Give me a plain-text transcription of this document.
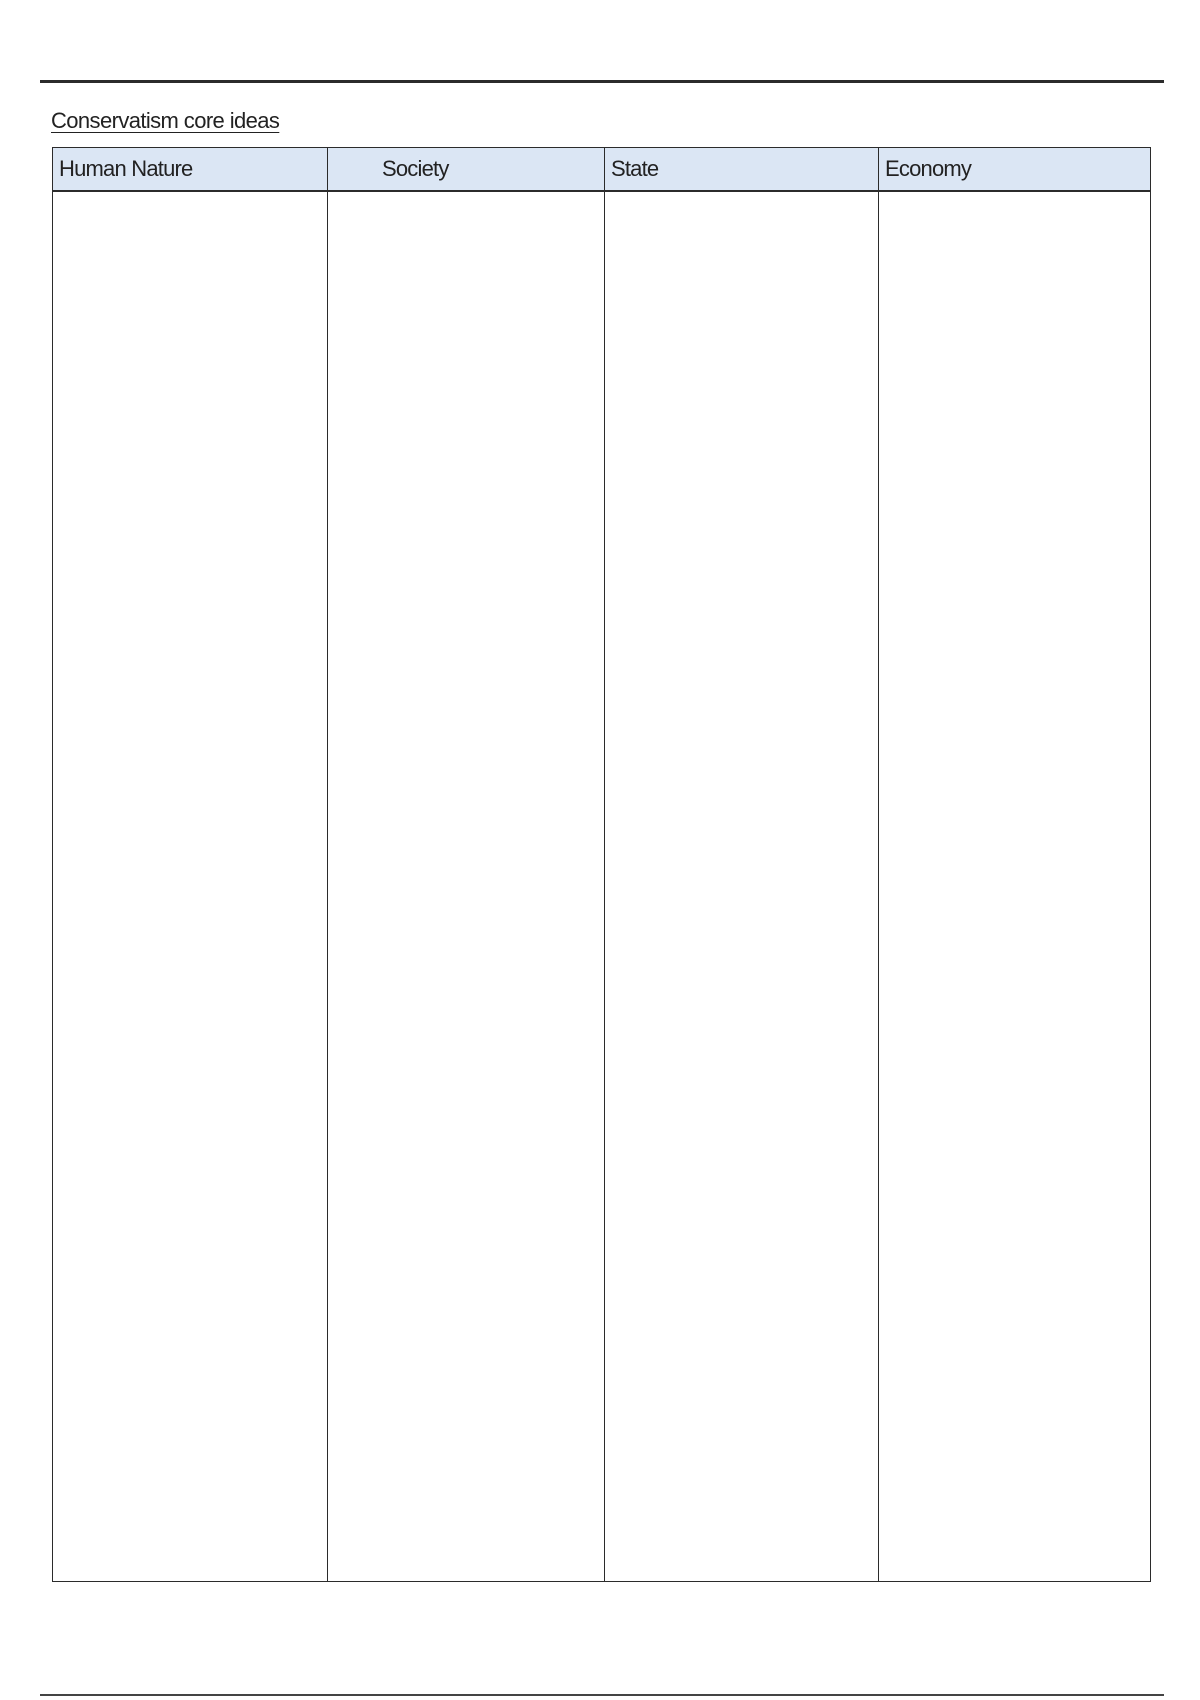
Conservatism core ideas
Human Nature	Society	State	Economy
